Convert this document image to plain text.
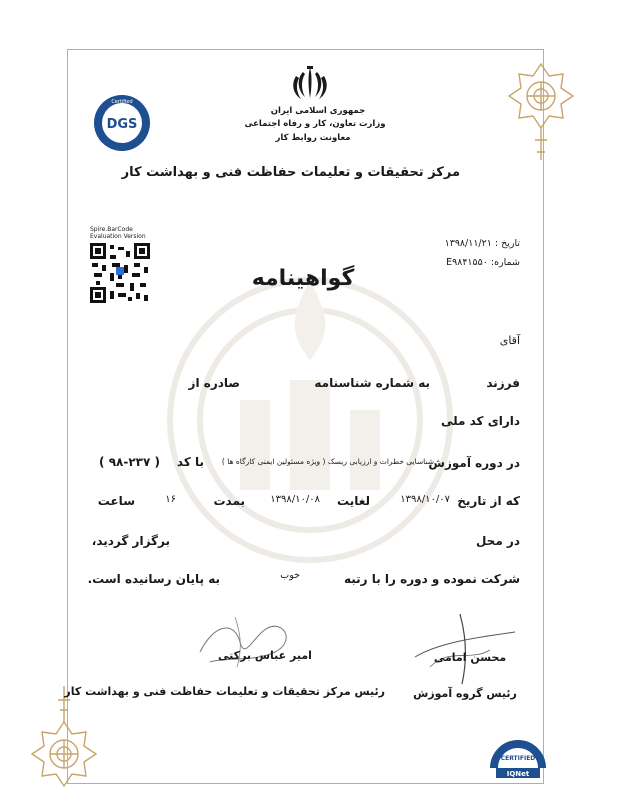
DGS
Certified
جمهوری اسلامی ایران
وزارت تعاون، کار و رفاه اجتماعی
معاونت روابط کار
مرکز تحقیقات و تعلیمات حفاظت فنی و بهداشت کار
Spire.BarCode
Evaluation Version
تاریخ : ۱۳۹۸/۱۱/۲۱
شماره: E۹۸۴۱۵۵۰
گواهینامه
آقای
فرزند
به شماره شناسنامه
صادره از
دارای کد ملی
در دوره آموزش
شناسایی خطرات و ارزیابی ریسک ( ویژه مسئولین ایمنی کارگاه ها )
با کد
( ۹۸-۲۳۷ )
که از تاریخ
۱۳۹۸/۱۰/۰۷
لغایت
۱۳۹۸/۱۰/۰۸
بمدت
۱۶
ساعت
در محل
برگزار گردید،
شرکت نموده و دوره را با رتبه
خوب
به پایان رسانیده است.
امیر عباس برکتی
رئیس مرکز تحقیقات و تعلیمات حفاظت فنی و بهداشت کار
محسن امامی
رئیس گروه آموزش
CERTIFIED
IQNet
